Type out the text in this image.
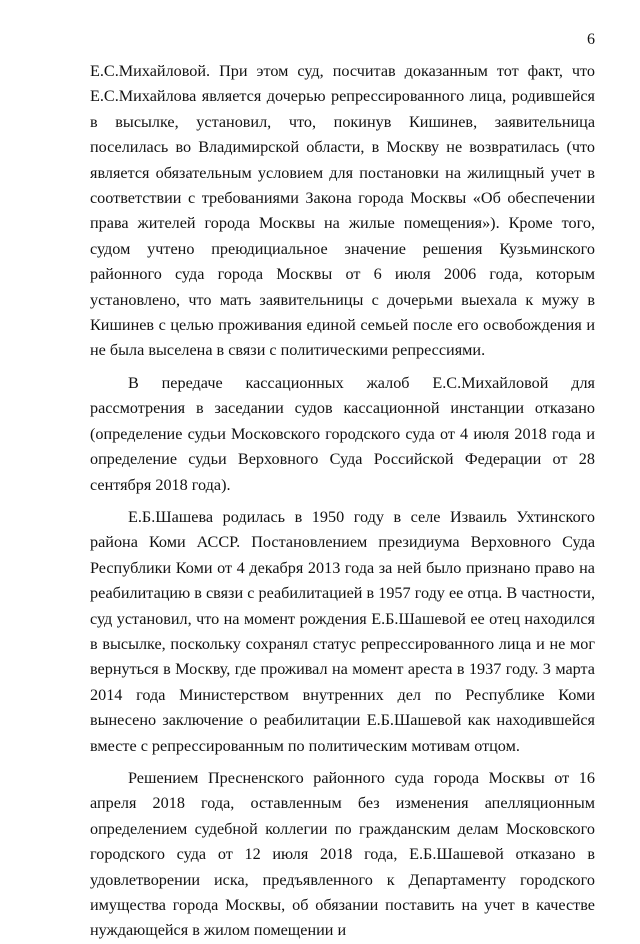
6

Е.С.Михайловой. При этом суд, посчитав доказанным тот факт, что Е.С.Михайлова является дочерью репрессированного лица, родившейся в высылке, установил, что, покинув Кишинев, заявительница поселилась во Владимирской области, в Москву не возвратилась (что является обязательным условием для постановки на жилищный учет в соответствии с требованиями Закона города Москвы «Об обеспечении права жителей города Москвы на жилые помещения»). Кроме того, судом учтено преюдициальное значение решения Кузьминского районного суда города Москвы от 6 июля 2006 года, которым установлено, что мать заявительницы с дочерьми выехала к мужу в Кишинев с целью проживания единой семьей после его освобождения и не была выселена в связи с политическими репрессиями.

В передаче кассационных жалоб Е.С.Михайловой для рассмотрения в заседании судов кассационной инстанции отказано (определение судьи Московского городского суда от 4 июля 2018 года и определение судьи Верховного Суда Российской Федерации от 28 сентября 2018 года).

Е.Б.Шашева родилась в 1950 году в селе Изваиль Ухтинского района Коми АССР. Постановлением президиума Верховного Суда Республики Коми от 4 декабря 2013 года за ней было признано право на реабилитацию в связи с реабилитацией в 1957 году ее отца. В частности, суд установил, что на момент рождения Е.Б.Шашевой ее отец находился в высылке, поскольку сохранял статус репрессированного лица и не мог вернуться в Москву, где проживал на момент ареста в 1937 году. 3 марта 2014 года Министерством внутренних дел по Республике Коми вынесено заключение о реабилитации Е.Б.Шашевой как находившейся вместе с репрессированным по политическим мотивам отцом.

Решением Пресненского районного суда города Москвы от 16 апреля 2018 года, оставленным без изменения апелляционным определением судебной коллегии по гражданским делам Московского городского суда от 12 июля 2018 года, Е.Б.Шашевой отказано в удовлетворении иска, предъявленного к Департаменту городского имущества города Москвы, об обязании поставить на учет в качестве нуждающейся в жилом помещении и
